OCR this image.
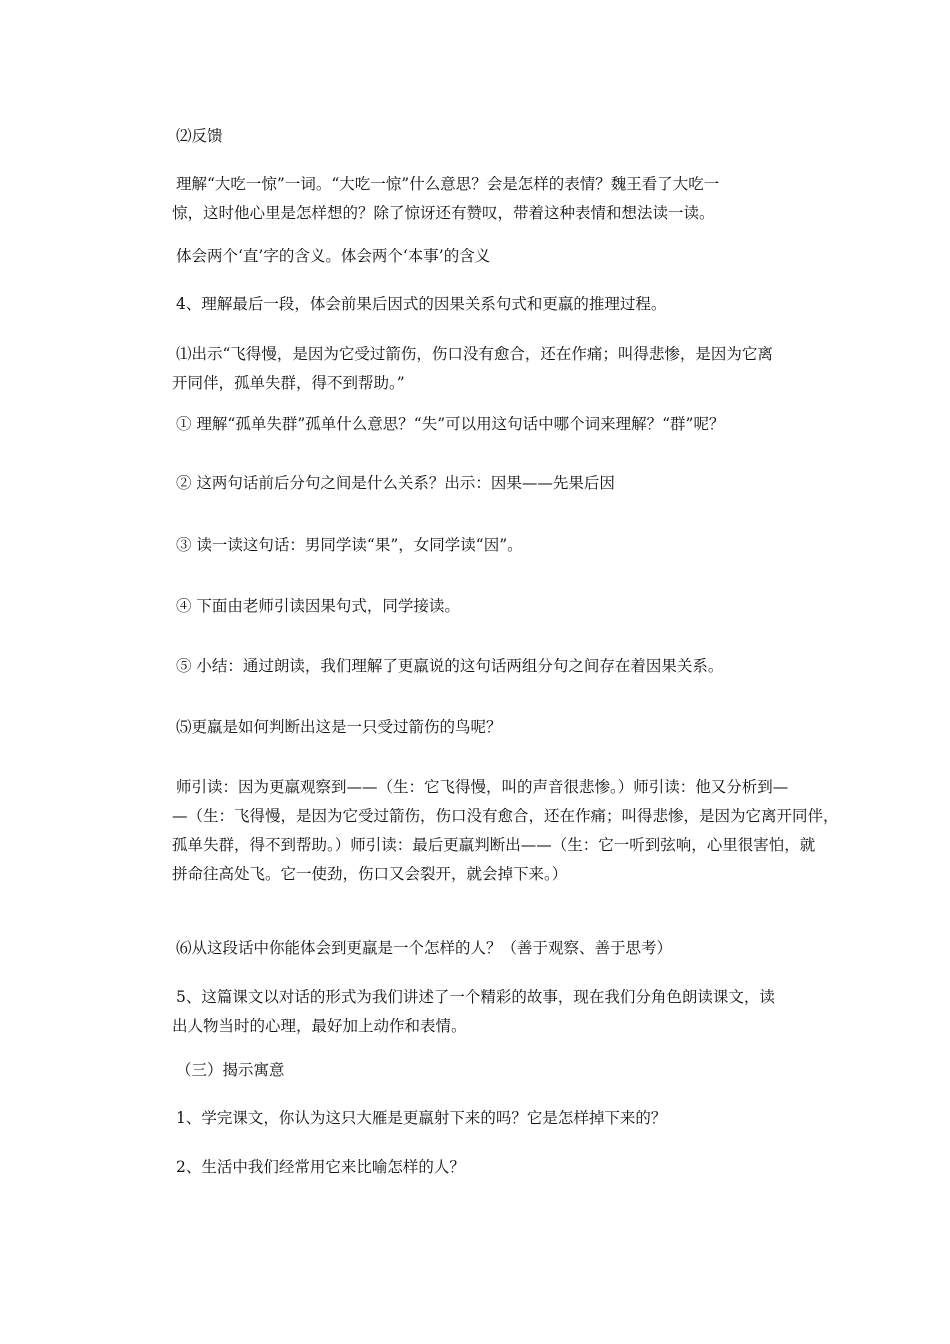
⑵反馈
理解“大吃一惊”一词。“大吃一惊”什么意思？会是怎样的表情？魏王看了大吃一
惊，这时他心里是怎样想的？除了惊讶还有赞叹，带着这种表情和想法读一读。
体会两个‘直’字的含义。体会两个‘本事’的含义
4、理解最后一段，体会前果后因式的因果关系句式和更羸的推理过程。
⑴出示“飞得慢，是因为它受过箭伤，伤口没有愈合，还在作痛；叫得悲惨，是因为它离
开同伴，孤单失群，得不到帮助。”
① 理解“孤单失群”孤单什么意思？“失”可以用这句话中哪个词来理解？“群”呢？
② 这两句话前后分句之间是什么关系？出示：因果——先果后因
③ 读一读这句话：男同学读“果”，女同学读“因”。
④ 下面由老师引读因果句式，同学接读。
⑤ 小结：通过朗读，我们理解了更羸说的这句话两组分句之间存在着因果关系。
⑸更羸是如何判断出这是一只受过箭伤的鸟呢？
师引读：因为更羸观察到——（生：它飞得慢，叫的声音很悲惨。）师引读：他又分析到—
—（生：飞得慢，是因为它受过箭伤，伤口没有愈合，还在作痛；叫得悲惨，是因为它离开同伴，
孤单失群，得不到帮助。）师引读：最后更羸判断出——（生：它一听到弦响，心里很害怕，就
拼命往高处飞。它一使劲，伤口又会裂开，就会掉下来。）
⑹从这段话中你能体会到更羸是一个怎样的人？（善于观察、善于思考）
5、这篇课文以对话的形式为我们讲述了一个精彩的故事，现在我们分角色朗读课文，读
出人物当时的心理，最好加上动作和表情。
（三）揭示寓意
1、学完课文，你认为这只大雁是更羸射下来的吗？它是怎样掉下来的？
2、生活中我们经常用它来比喻怎样的人？
